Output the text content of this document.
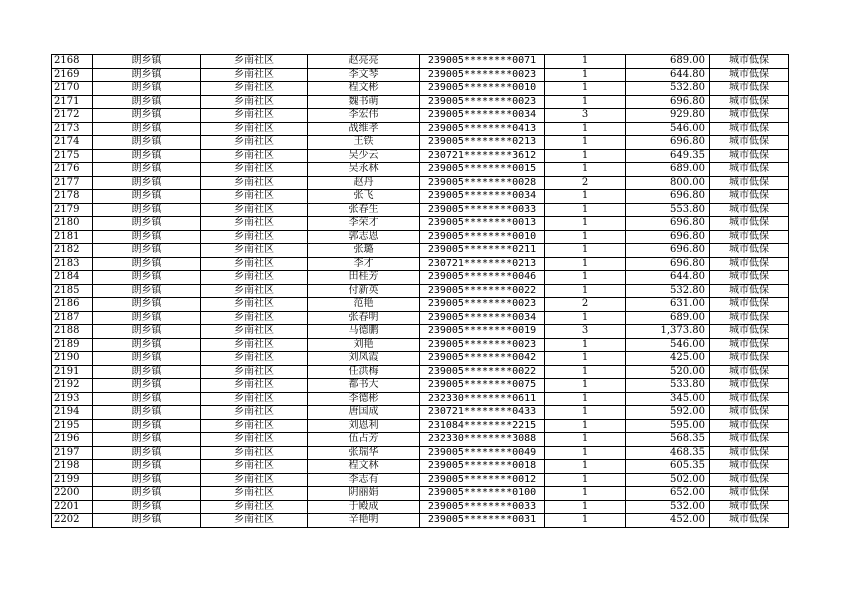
2168	朗乡镇	乡南社区	赵亮亮	239005********0071	1	689.00	城市低保
2169	朗乡镇	乡南社区	李文琴	239005********0023	1	644.80	城市低保
2170	朗乡镇	乡南社区	程文彬	239005********0010	1	532.80	城市低保
2171	朗乡镇	乡南社区	魏书萌	239005********0023	1	696.80	城市低保
2172	朗乡镇	乡南社区	李宏伟	239005********0034	3	929.80	城市低保
2173	朗乡镇	乡南社区	战维孝	239005********0413	1	546.00	城市低保
2174	朗乡镇	乡南社区	王铁	239005********0213	1	696.80	城市低保
2175	朗乡镇	乡南社区	吴少云	230721********3612	1	649.35	城市低保
2176	朗乡镇	乡南社区	吴永林	239005********0015	1	689.00	城市低保
2177	朗乡镇	乡南社区	赵丹	239005********0028	2	800.00	城市低保
2178	朗乡镇	乡南社区	张飞	239005********0034	1	696.80	城市低保
2179	朗乡镇	乡南社区	张春生	239005********0033	1	553.80	城市低保
2180	朗乡镇	乡南社区	李荣才	239005********0013	1	696.80	城市低保
2181	朗乡镇	乡南社区	郭志恩	239005********0010	1	696.80	城市低保
2182	朗乡镇	乡南社区	张璐	239005********0211	1	696.80	城市低保
2183	朗乡镇	乡南社区	李才	230721********0213	1	696.80	城市低保
2184	朗乡镇	乡南社区	田桂芳	239005********0046	1	644.80	城市低保
2185	朗乡镇	乡南社区	付新英	239005********0022	1	532.80	城市低保
2186	朗乡镇	乡南社区	范艳	239005********0023	2	631.00	城市低保
2187	朗乡镇	乡南社区	张春明	239005********0034	1	689.00	城市低保
2188	朗乡镇	乡南社区	马德鹏	239005********0019	3	1,373.80	城市低保
2189	朗乡镇	乡南社区	刘艳	239005********0023	1	546.00	城市低保
2190	朗乡镇	乡南社区	刘凤霞	239005********0042	1	425.00	城市低保
2191	朗乡镇	乡南社区	任洪梅	239005********0022	1	520.00	城市低保
2192	朗乡镇	乡南社区	都书大	239005********0075	1	533.80	城市低保
2193	朗乡镇	乡南社区	李德彬	232330********0611	1	345.00	城市低保
2194	朗乡镇	乡南社区	唐国成	230721********0433	1	592.00	城市低保
2195	朗乡镇	乡南社区	刘恩利	231084********2215	1	595.00	城市低保
2196	朗乡镇	乡南社区	伍占芳	232330********3088	1	568.35	城市低保
2197	朗乡镇	乡南社区	张瑞华	239005********0049	1	468.35	城市低保
2198	朗乡镇	乡南社区	程文林	239005********0018	1	605.35	城市低保
2199	朗乡镇	乡南社区	李志有	239005********0012	1	502.00	城市低保
2200	朗乡镇	乡南社区	阴丽娟	239005********0100	1	652.00	城市低保
2201	朗乡镇	乡南社区	于殿成	239005********0033	1	532.00	城市低保
2202	朗乡镇	乡南社区	辛艳明	239005********0031	1	452.00	城市低保
